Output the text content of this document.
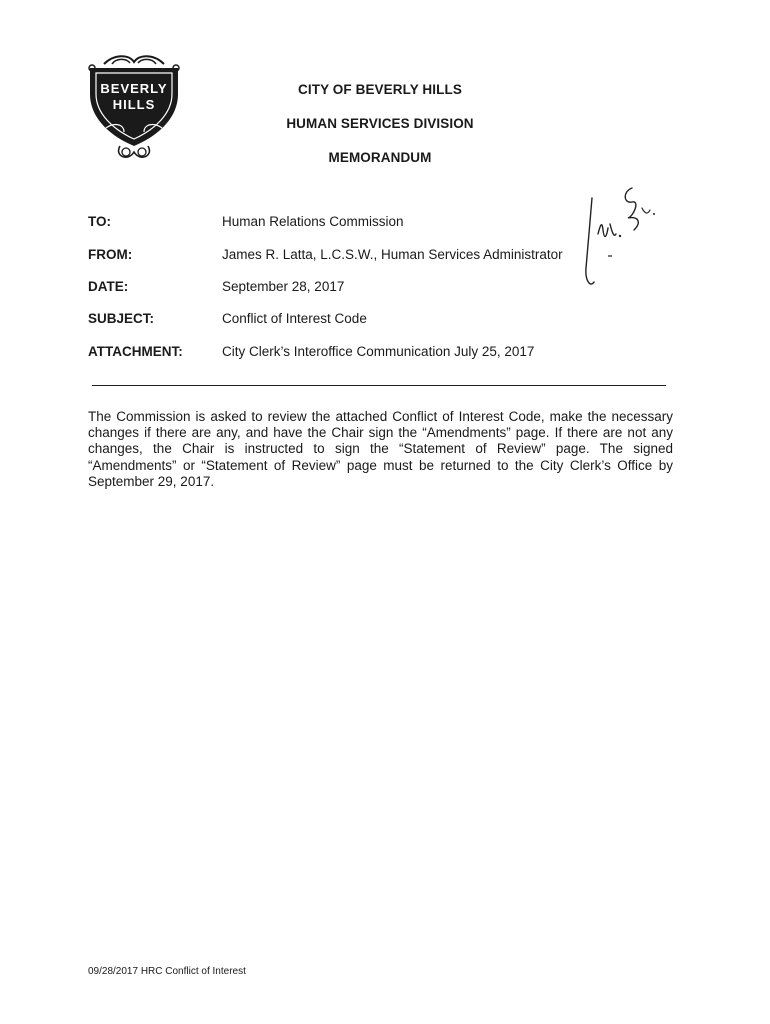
BEVERLY
HILLS
CITY OF BEVERLY HILLS
HUMAN SERVICES DIVISION
MEMORANDUM
TO:	Human Relations Commission
FROM:	James R. Latta, L.C.S.W., Human Services Administrator
DATE:	September 28, 2017
SUBJECT:	Conflict of Interest Code
ATTACHMENT:	City Clerk’s Interoffice Communication July 25, 2017
The Commission is asked to review the attached Conflict of Interest Code, make the necessary changes if there are any, and have the Chair sign the “Amendments” page. If there are not any changes, the Chair is instructed to sign the “Statement of Review” page. The signed “Amendments” or “Statement of Review” page must be returned to the City Clerk’s Office by September 29, 2017.
09/28/2017 HRC Conflict of Interest
